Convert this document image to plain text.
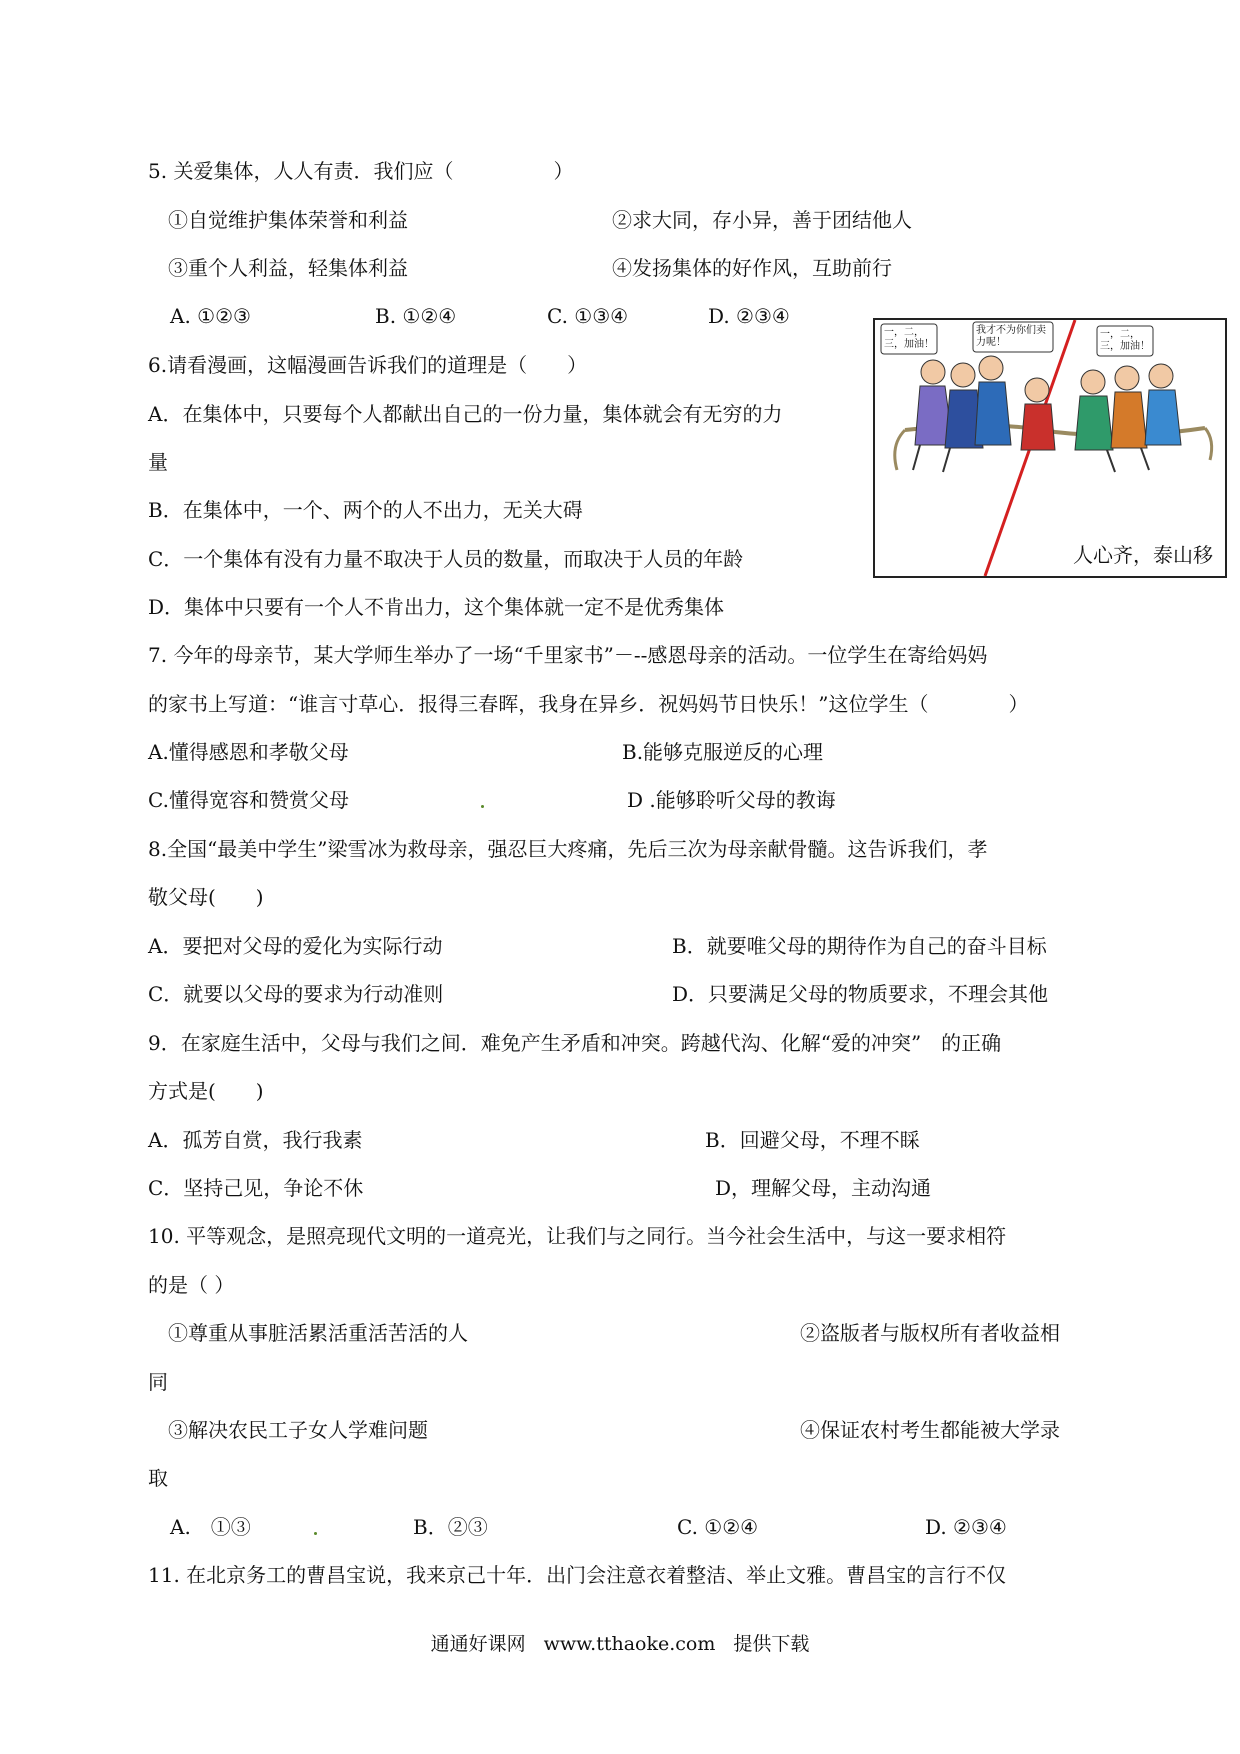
5. 关爱集体，人人有责．我们应（　　　　　）
①自觉维护集体荣誉和利益	②求大同，存小异，善于团结他人
③重个人利益，轻集体利益	④发扬集体的好作风，互助前行
A. ①②③	B. ①②④	C. ①③④	D. ②③④
6.请看漫画，这幅漫画告诉我们的道理是（　　）
A．在集体中，只要每个人都献出自己的一份力量，集体就会有无穷的力
量
B．在集体中，一个、两个的人不出力，无关大碍
C．一个集体有没有力量不取决于人员的数量，而取决于人员的年龄
D．集体中只要有一个人不肯出力，这个集体就一定不是优秀集体
一，二，三，加油！
我才不为你们卖力呢！
一，二，三，加油！
人心齐，泰山移
7. 今年的母亲节，某大学师生举办了一场“千里家书”－--感恩母亲的活动。一位学生在寄给妈妈
的家书上写道：“谁言寸草心．报得三春晖，我身在异乡．祝妈妈节日快乐！”这位学生（　　　　）
A.懂得感恩和孝敬父母	B.能够克服逆反的心理
C.懂得宽容和赞赏父母	D .能够聆听父母的教诲
8.全国“最美中学生”梁雪冰为救母亲，强忍巨大疼痛，先后三次为母亲献骨髓。这告诉我们，孝
敬父母(　　)
A．要把对父母的爱化为实际行动	B．就要唯父母的期待作为自己的奋斗目标
C．就要以父母的要求为行动准则	D．只要满足父母的物质要求，不理会其他
9．在家庭生活中，父母与我们之间．难免产生矛盾和冲突。跨越代沟、化解“爱的冲突”　的正确
方式是(　　)
A．孤芳自赏，我行我素	B．回避父母，不理不睬
C．坚持己见，争论不休	D，理解父母，主动沟通
10. 平等观念，是照亮现代文明的一道亮光，让我们与之同行。当今社会生活中，与这一要求相符
的是（ ）
①尊重从事脏活累活重活苦活的人	②盗版者与版权所有者收益相
同
③解决农民工子女人学难问题	④保证农村考生都能被大学录
取
A.　①③	B．②③	C. ①②④	D. ②③④
11. 在北京务工的曹昌宝说，我来京己十年．出门会注意衣着整洁、举止文雅。曹昌宝的言行不仅
通通好课网 www.tthaoke.com 提供下载
